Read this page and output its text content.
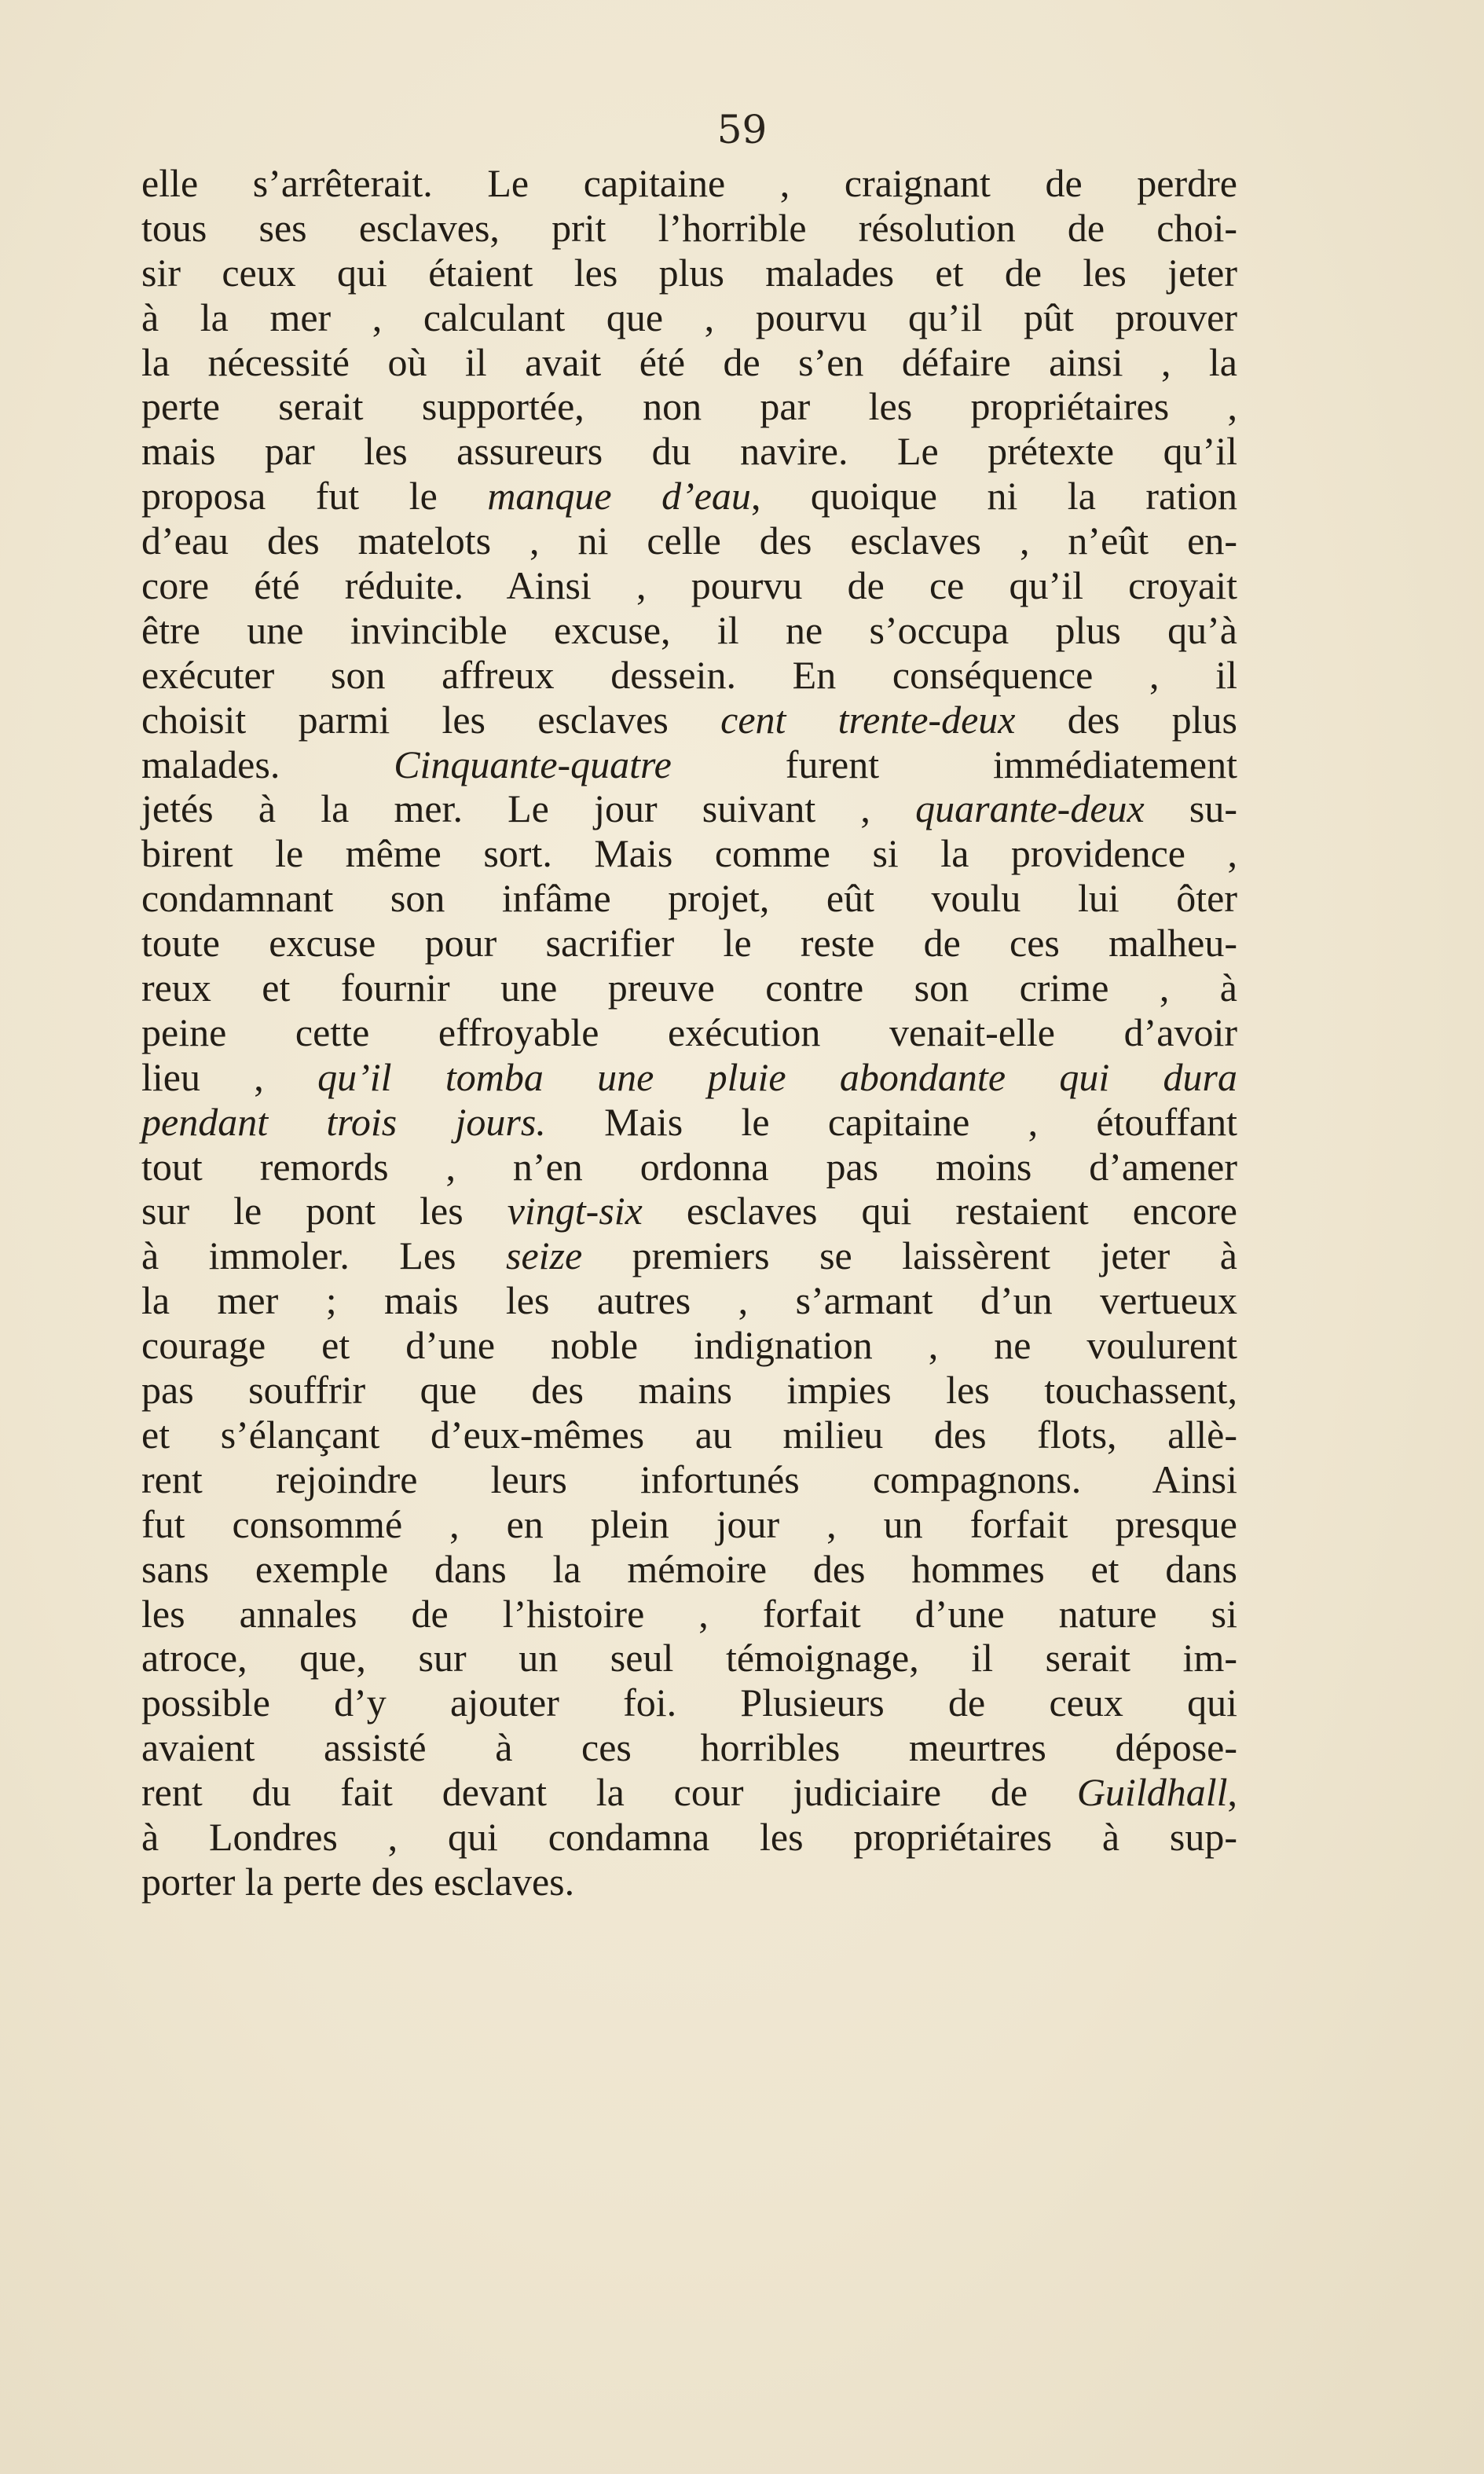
59
elle s’arrêterait. Le capitaine , craignant de perdre
tous ses esclaves, prit l’horrible résolution de choi-
sir ceux qui étaient les plus malades et de les jeter
à la mer , calculant que , pourvu qu’il pût prouver
la nécessité où il avait été de s’en défaire ainsi , la
perte serait supportée, non par les propriétaires ,
mais par les assureurs du navire. Le prétexte qu’il
proposa fut le manque d’eau, quoique ni la ration
d’eau des matelots , ni celle des esclaves , n’eût en-
core été réduite. Ainsi , pourvu de ce qu’il croyait
être une invincible excuse, il ne s’occupa plus qu’à
exécuter son affreux dessein. En conséquence , il
choisit parmi les esclaves cent trente-deux des plus
malades. Cinquante-quatre furent immédiatement
jetés à la mer. Le jour suivant , quarante-deux su-
birent le même sort. Mais comme si la providence ,
condamnant son infâme projet, eût voulu lui ôter
toute excuse pour sacrifier le reste de ces malheu-
reux et fournir une preuve contre son crime , à
peine cette effroyable exécution venait-elle d’avoir
lieu , qu’il tomba une pluie abondante qui dura
pendant trois jours. Mais le capitaine , étouffant
tout remords , n’en ordonna pas moins d’amener
sur le pont les vingt-six esclaves qui restaient encore
à immoler. Les seize premiers se laissèrent jeter à
la mer ; mais les autres , s’armant d’un vertueux
courage et d’une noble indignation , ne voulurent
pas souffrir que des mains impies les touchassent,
et s’élançant d’eux-mêmes au milieu des flots, allè-
rent rejoindre leurs infortunés compagnons. Ainsi
fut consommé , en plein jour , un forfait presque
sans exemple dans la mémoire des hommes et dans
les annales de l’histoire , forfait d’une nature si
atroce, que, sur un seul témoignage, il serait im-
possible d’y ajouter foi. Plusieurs de ceux qui
avaient assisté à ces horribles meurtres dépose-
rent du fait devant la cour judiciaire de Guildhall,
à Londres , qui condamna les propriétaires à sup-
porter la perte des esclaves.
